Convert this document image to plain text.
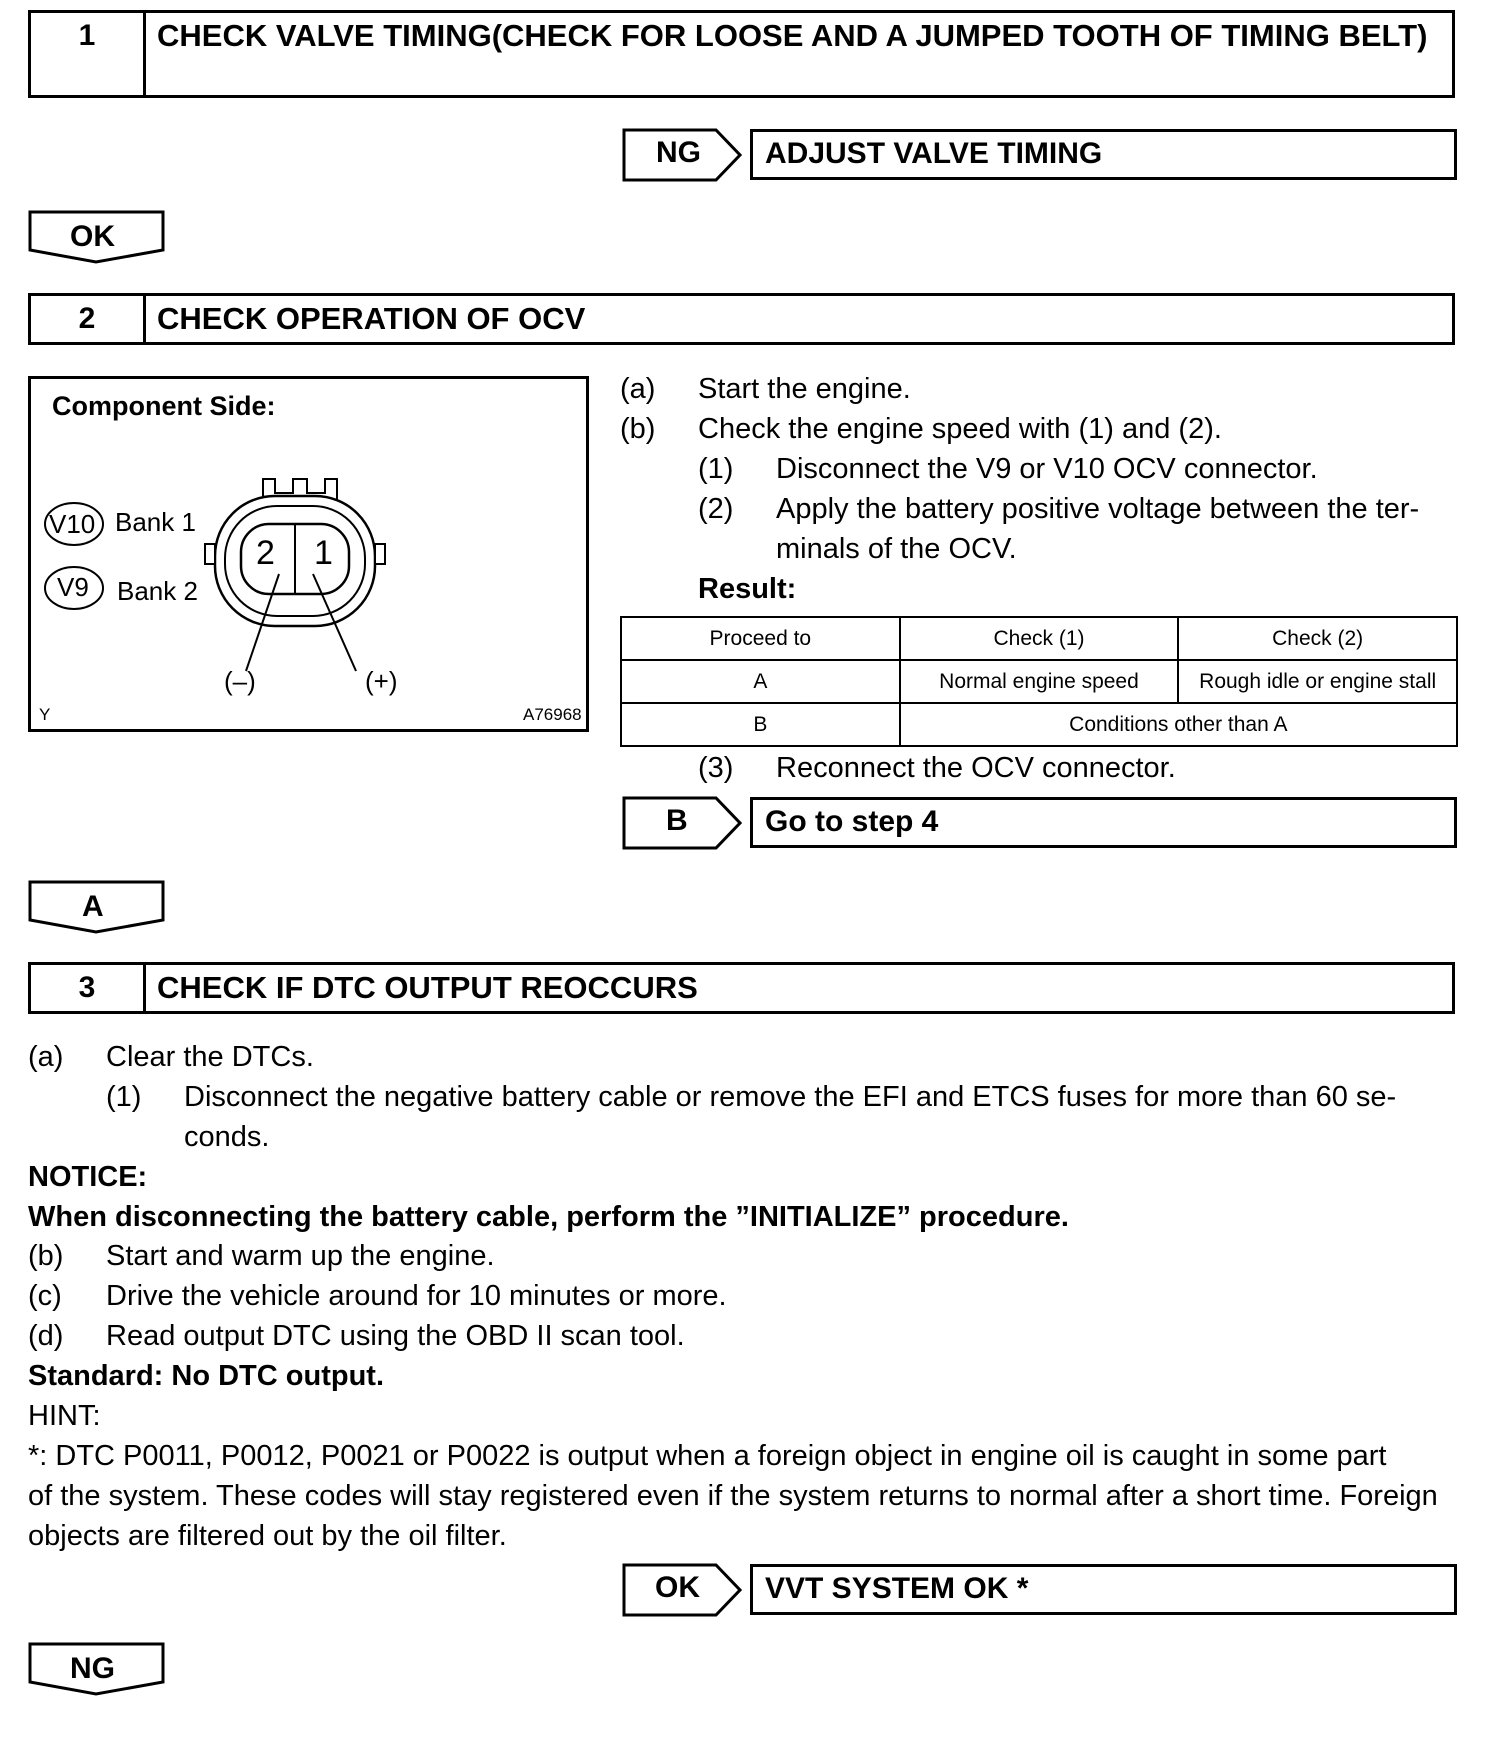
1	CHECK VALVE TIMING(CHECK FOR LOOSE AND A JUMPED TOOTH OF TIMING BELT)
NG	ADJUST VALVE TIMING
OK
2	CHECK OPERATION OF OCV
Component Side:
V10 Bank 1
V9 Bank 2
2 1
(–)	(+)
Y	A76968
(a) Start the engine.
(b) Check the engine speed with (1) and (2).
(1) Disconnect the V9 or V10 OCV connector.
(2) Apply the battery positive voltage between the ter-
minals of the OCV.
Result:
Proceed to	Check (1)	Check (2)
A	Normal engine speed	Rough idle or engine stall
B	Conditions other than A	
(3) Reconnect the OCV connector.
B	Go to step 4
A
3	CHECK IF DTC OUTPUT REOCCURS
(a) Clear the DTCs.
(1) Disconnect the negative battery cable or remove the EFI and ETCS fuses for more than 60 se-
conds.
NOTICE:
When disconnecting the battery cable, perform the ”INITIALIZE” procedure.
(b) Start and warm up the engine.
(c) Drive the vehicle around for 10 minutes or more.
(d) Read output DTC using the OBD II scan tool.
Standard: No DTC output.
HINT:
*: DTC P0011, P0012, P0021 or P0022 is output when a foreign object in engine oil is caught in some part
of the system. These codes will stay registered even if the system returns to normal after a short time. Foreign
objects are filtered out by the oil filter.
OK	VVT SYSTEM OK *
NG
